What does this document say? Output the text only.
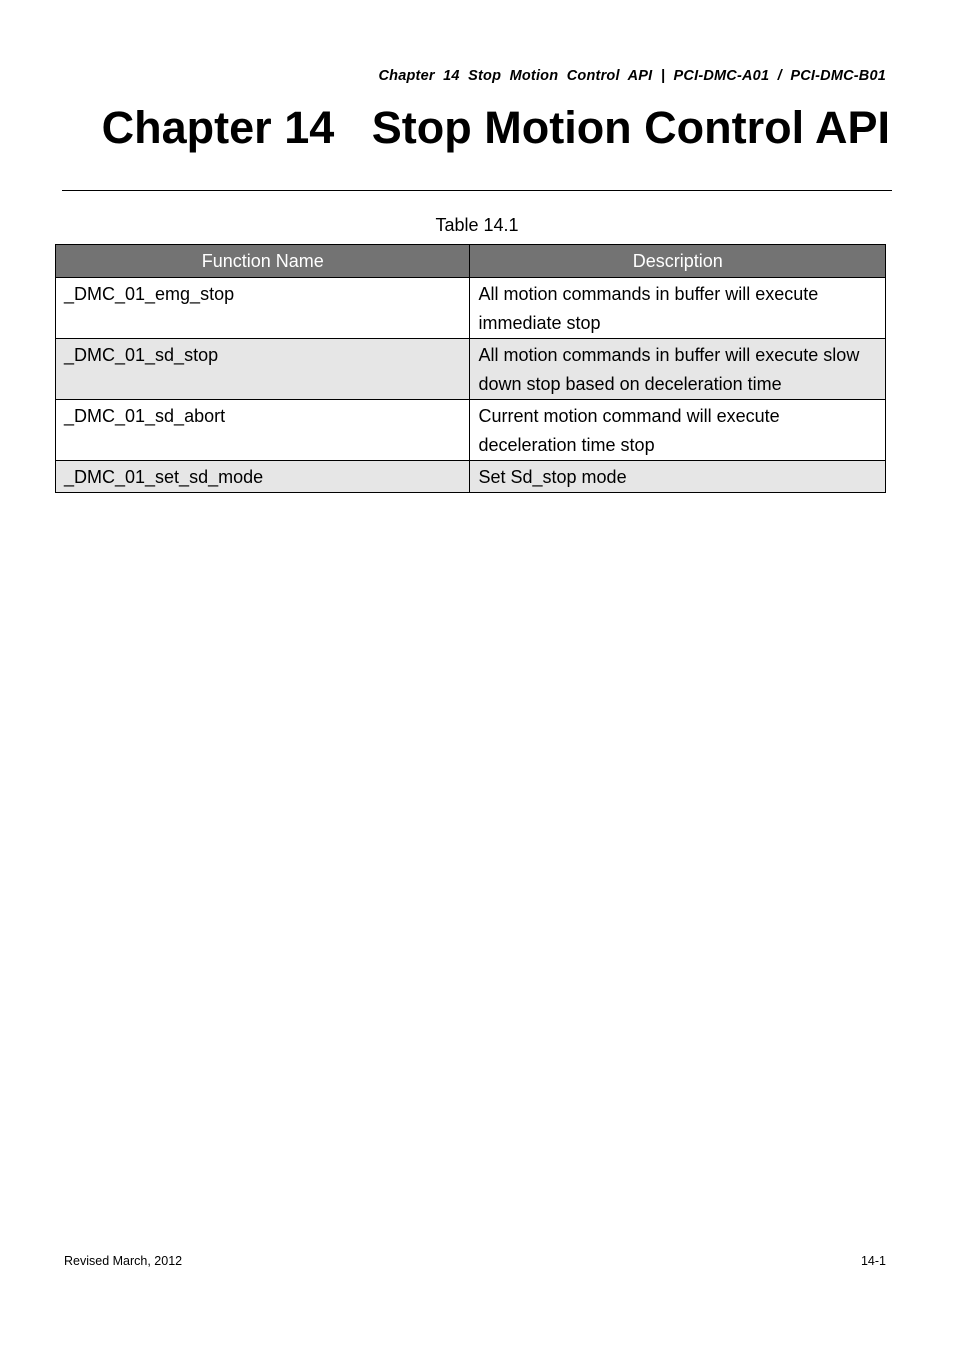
Chapter  14  Stop  Motion  Control  API  |  PCI-DMC-A01  /  PCI-DMC-B01
Chapter 14   Stop Motion Control API
Table 14.1
Function Name	Description
_DMC_01_emg_stop	All motion commands in buffer will execute immediate stop
_DMC_01_sd_stop	All motion commands in buffer will execute slow down stop based on deceleration time
_DMC_01_sd_abort	Current motion command will execute deceleration time stop
_DMC_01_set_sd_mode	Set Sd_stop mode
Revised March, 2012	14-1
